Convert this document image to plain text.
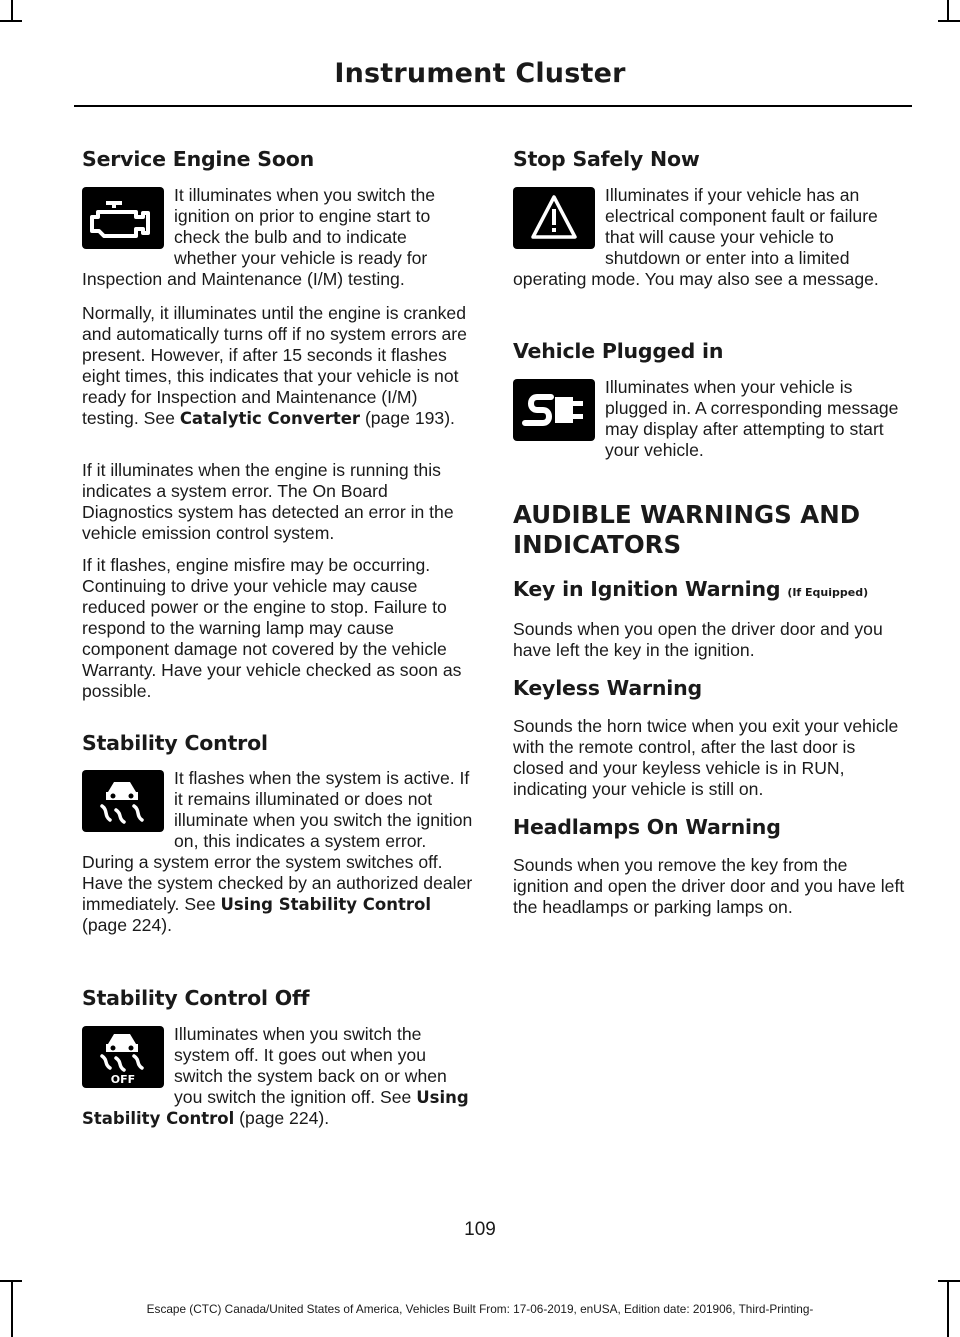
Instrument Cluster
Service Engine Soon

It illuminates when you switch the ignition on prior to engine start to check the bulb and to indicate whether your vehicle is ready for Inspection and Maintenance (I/M) testing.

Normally, it illuminates until the engine is cranked and automatically turns off if no system errors are present. However, if after 15 seconds it flashes eight times, this indicates that your vehicle is not ready for Inspection and Maintenance (I/M) testing. See Catalytic Converter (page 193).

If it illuminates when the engine is running this indicates a system error. The On Board Diagnostics system has detected an error in the vehicle emission control system.

If it flashes, engine misfire may be occurring. Continuing to drive your vehicle may cause reduced power or the engine to stop. Failure to respond to the warning lamp may cause component damage not covered by the vehicle Warranty. Have your vehicle checked as soon as possible.

Stability Control

It flashes when the system is active. If it remains illuminated or does not illuminate when you switch the ignition on, this indicates a system error. During a system error the system switches off. Have the system checked by an authorized dealer immediately. See Using Stability Control (page 224).

Stability Control Off

OFF
Illuminates when you switch the system off. It goes out when you switch the system back on or when you switch the ignition off. See Using Stability Control (page 224).

Stop Safely Now

Illuminates if your vehicle has an electrical component fault or failure that will cause your vehicle to shutdown or enter into a limited operating mode. You may also see a message.

Vehicle Plugged in

Illuminates when your vehicle is plugged in. A corresponding message may display after attempting to start your vehicle.

AUDIBLE WARNINGS AND INDICATORS
Key in Ignition Warning (If Equipped)

Sounds when you open the driver door and you have left the key in the ignition.

Keyless Warning

Sounds the horn twice when you exit your vehicle with the remote control, after the last door is closed and your keyless vehicle is in RUN, indicating your vehicle is still on.

Headlamps On Warning

Sounds when you remove the key from the ignition and open the driver door and you have left the headlamps or parking lamps on.

109
Escape (CTC) Canada/United States of America, Vehicles Built From: 17-06-2019, enUSA, Edition date: 201906, Third-Printing-
